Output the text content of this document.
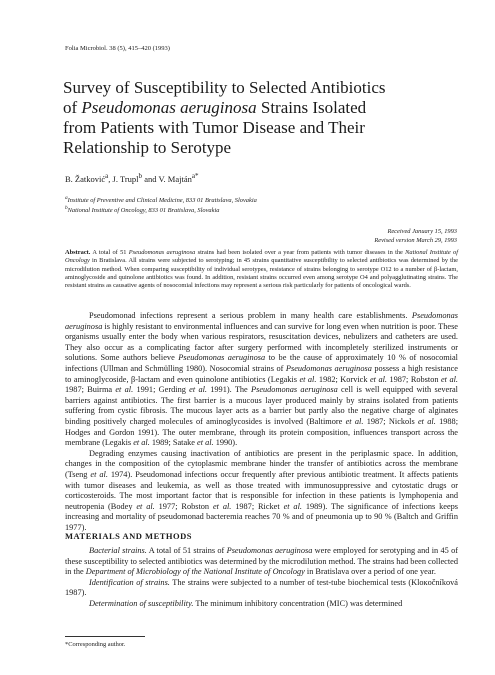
Folia Microbiol. 38 (5), 415–420 (1993)
Survey of Susceptibility to Selected Antibiotics
of Pseudomonas aeruginosa Strains Isolated
from Patients with Tumor Disease and Their
Relationship to Serotype
B. Žatković$^a$, J. Trupl$^b$ and V. Majtán$^{a*}$
$^a$Institute of Preventive and Clinical Medicine, 833 01 Bratislava, Slovakia
$^b$National Institute of Oncology, 833 01 Bratislava, Slovakia
Received January 15, 1993
Revised version March 29, 1993

Abstract. A total of 51 Pseudomonas aeruginosa strains had been isolated over a year from patients with tumor diseases in the National Institute of Oncology in Bratislava. All strains were subjected to serotyping; in 45 strains quantitative susceptibility to selected antibiotics was determined by the microdilution method. When comparing susceptibility of individual serotypes, resistance of strains belonging to serotype O12 to a number of β-lactam, aminoglycoside and quinolone antibiotics was found. In addition, resistant strains occurred even among serotype O4 and polyagglutinating strains. The resistant strains as causative agents of nosocomial infections may represent a serious risk particularly for patients of oncological wards.

Pseudomonad infections represent a serious problem in many health care establishments. Pseudomonas aeruginosa is highly resistant to environmental influences and can survive for long even when nutrition is poor. These organisms usually enter the body when various respirators, resuscitation devices, nebulizers and catheters are used. They also occur as a complicating factor after surgery performed with incompletely sterilized instruments or solutions. Some authors believe Pseudomonas aeruginosa to be the cause of approximately 10 % of nosocomial infections (Ullman and Schmülling 1980). Nosocomial strains of Pseudomonas aeruginosa possess a high resistance to aminoglycoside, β-lactam and even quinolone antibiotics (Legakis et al. 1982; Korvick et al. 1987; Robston et al. 1987; Buirma et al. 1991; Gerding et al. 1991). The Pseudomonas aeruginosa cell is well equipped with several barriers against antibiotics. The first barrier is a mucous layer produced mainly by strains isolated from patients suffering from cystic fibrosis. The mucous layer acts as a barrier but partly also the negative charge of alginates binding positively charged molecules of aminoglycosides is involved (Baltimore et al. 1987; Nickols et al. 1988; Hodges and Gordon 1991). The outer membrane, through its protein composition, influences transport across the membrane (Legakis et al. 1989; Satake et al. 1990).

Degrading enzymes causing inactivation of antibiotics are present in the periplasmic space. In addition, changes in the composition of the cytoplasmic membrane hinder the transfer of antibiotics across the membrane (Tseng et al. 1974). Pseudomonad infections occur frequently after previous antibiotic treatment. It affects patients with tumor diseases and leukemia, as well as those treated with immunosuppressive and cytostatic drugs or corticosteroids. The most important factor that is responsible for infection in these patients is lymphopenia and neutropenia (Bodey et al. 1977; Robston et al. 1987; Ricket et al. 1989). The significance of infections keeps increasing and mortality of pseudomonad bacteremia reaches 70 % and of pneumonia up to 90 % (Baltch and Griffin 1977).

MATERIALS AND METHODS

Bacterial strains. A total of 51 strains of Pseudomonas aeruginosa were employed for serotyping and in 45 of these susceptibility to selected antibiotics was determined by the microdilution method. The strains had been collected in the Department of Microbiology of the National Institute of Oncology in Bratislava over a period of one year.

Identification of strains. The strains were subjected to a number of test-tube biochemical tests (Kloкočníková 1987).

Determination of susceptibility. The minimum inhibitory concentration (MIC) was determined

*Corresponding author.
